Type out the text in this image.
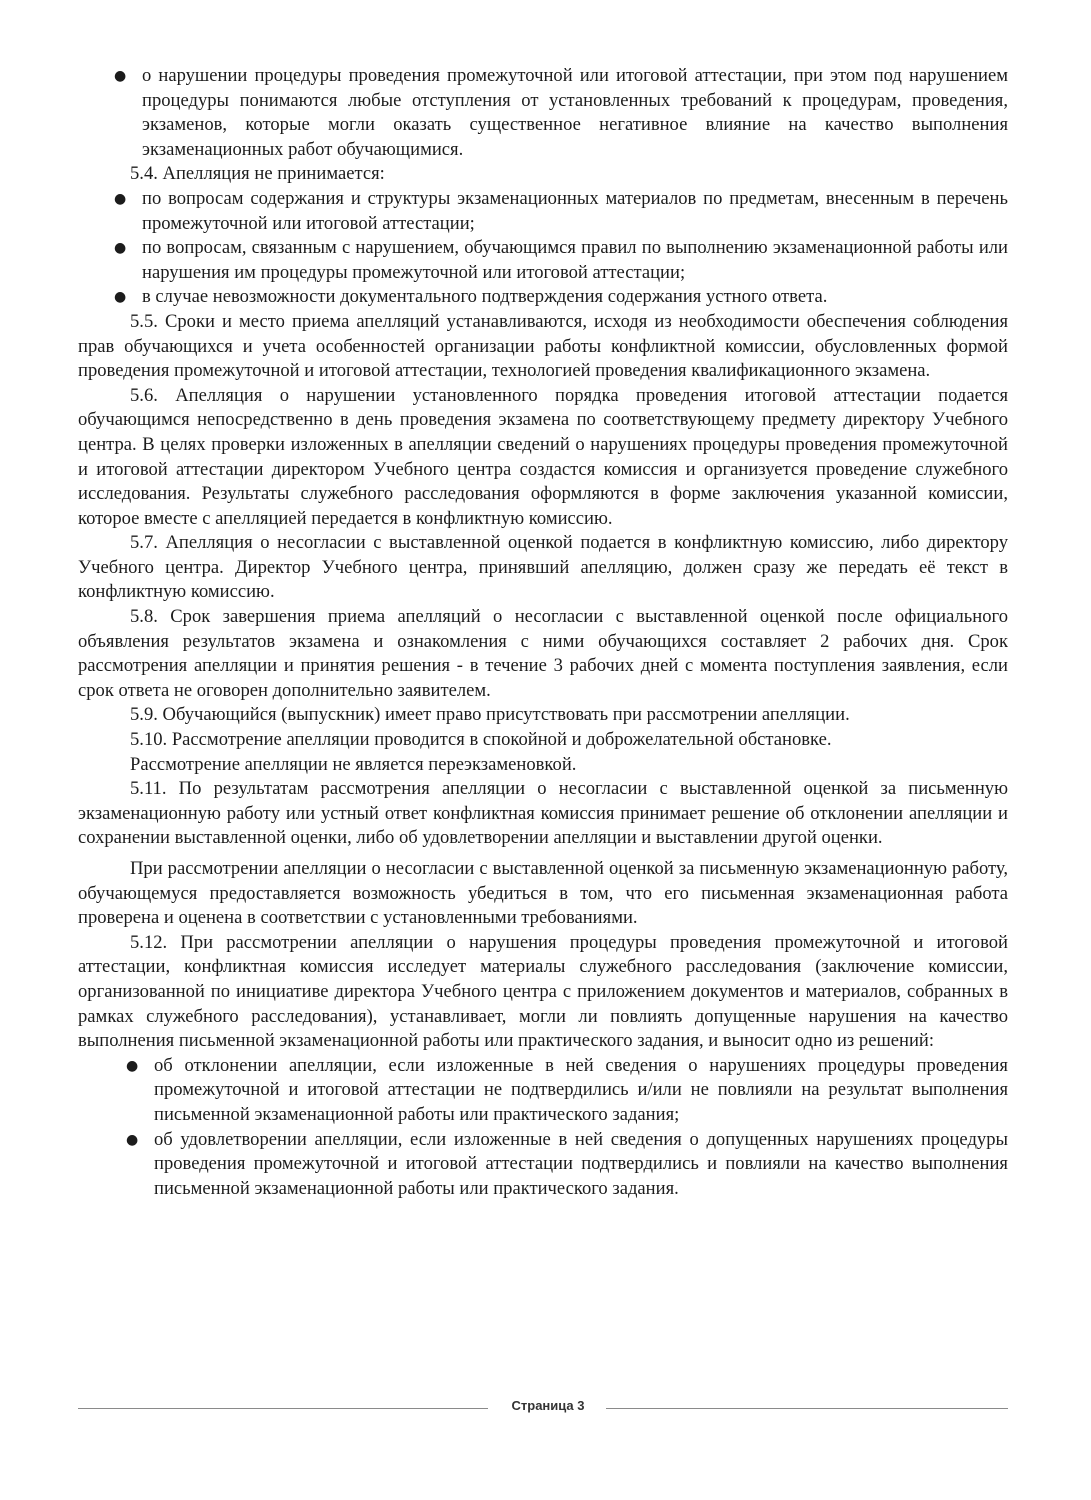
● о нарушении процедуры проведения промежуточной или итоговой аттестации, при этом под нарушением процедуры понимаются любые отступления от установленных требований к процедурам, проведения, экзаменов, которые могли оказать существенное негативное влияние на качество выполнения экзаменационных работ обучающимися.

5.4. Апелляция не принимается:

● по вопросам содержания и структуры экзаменационных материалов по предметам, внесенным в перечень промежуточной или итоговой аттестации;
● по вопросам, связанным с нарушением, обучающимся правил по выполнению экзаменационной работы или нарушения им процедуры промежуточной или итоговой аттестации;
● в случае невозможности документального подтверждения содержания устного ответа.

5.5. Сроки и место приема апелляций устанавливаются, исходя из необходимости обеспечения соблюдения прав обучающихся и учета особенностей организации работы конфликтной комиссии, обусловленных формой проведения промежуточной и итоговой аттестации, технологией проведения квалификационного экзамена.

5.6. Апелляция о нарушении установленного порядка проведения итоговой аттестации подается обучающимся непосредственно в день проведения экзамена по соответствующему предмету директору Учебного центра. В целях проверки изложенных в апелляции сведений о нарушениях процедуры проведения промежуточной и итоговой аттестации директором Учебного центра создастся комиссия и организуется проведение служебного исследования. Результаты служебного расследования оформляются в форме заключения указанной комиссии, которое вместе с апелляцией передается в конфликтную комиссию.

5.7. Апелляция о несогласии с выставленной оценкой подается в конфликтную комиссию, либо директору Учебного центра. Директор Учебного центра, принявший апелляцию, должен сразу же передать её текст в конфликтную комиссию.

5.8. Срок завершения приема апелляций о несогласии с выставленной оценкой после официального объявления результатов экзамена и ознакомления с ними обучающихся составляет 2 рабочих дня. Срок рассмотрения апелляции и принятия решения - в течение 3 рабочих дней с момента поступления заявления, если срок ответа не оговорен дополнительно заявителем.

5.9. Обучающийся (выпускник) имеет право присутствовать при рассмотрении апелляции.

5.10. Рассмотрение апелляции проводится в спокойной и доброжелательной обстановке.

Рассмотрение апелляции не является переэкзаменовкой.

5.11. По результатам рассмотрения апелляции о несогласии с выставленной оценкой за письменную экзаменационную работу или устный ответ конфликтная комиссия принимает решение об отклонении апелляции и сохранении выставленной оценки, либо об удовлетворении апелляции и выставлении другой оценки.

При рассмотрении апелляции о несогласии с выставленной оценкой за письменную экзаменационную работу, обучающемуся предоставляется возможность убедиться в том, что его письменная экзаменационная работа проверена и оценена в соответствии с установленными требованиями.

5.12. При рассмотрении апелляции о нарушения процедуры проведения промежуточной и итоговой аттестации, конфликтная комиссия исследует материалы служебного расследования (заключение комиссии, организованной по инициативе директора Учебного центра с приложением документов и материалов, собранных в рамках служебного расследования), устанавливает, могли ли повлиять допущенные нарушения на качество выполнения письменной экзаменационной работы или практического задания, и выносит одно из решений:

● об отклонении апелляции, если изложенные в ней сведения о нарушениях процедуры проведения промежуточной и итоговой аттестации не подтвердились и/или не повлияли на результат выполнения письменной экзаменационной работы или практического задания;
● об удовлетворении апелляции, если изложенные в ней сведения о допущенных нарушениях процедуры проведения промежуточной и итоговой аттестации подтвердились и повлияли на качество выполнения письменной экзаменационной работы или практического задания.
Страница 3
